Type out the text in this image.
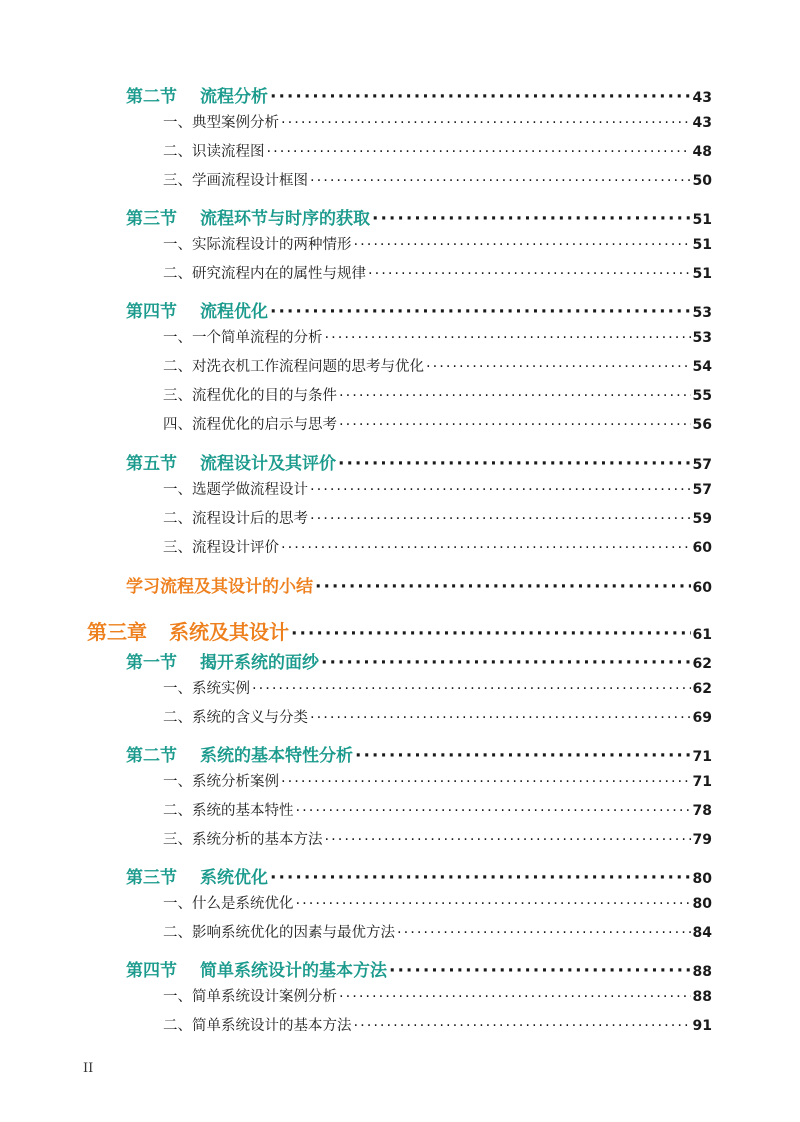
第二节 流程分析 ·····	43
一、典型案例分析 ·····	43
二、识读流程图 ·····	48
三、学画流程设计框图 ·····	50
第三节 流程环节与时序的获取 ·····	51
一、实际流程设计的两种情形 ·····	51
二、研究流程内在的属性与规律 ·····	51
第四节 流程优化 ·····	53
一、一个简单流程的分析 ·····	53
二、对洗衣机工作流程问题的思考与优化 ·····	54
三、流程优化的目的与条件 ·····	55
四、流程优化的启示与思考 ·····	56
第五节 流程设计及其评价 ·····	57
一、选题学做流程设计 ·····	57
二、流程设计后的思考 ·····	59
三、流程设计评价 ·····	60
学习流程及其设计的小结 ·····	60
第三章 系统及其设计 ·····	61
第一节 揭开系统的面纱 ·····	62
一、系统实例 ·····	62
二、系统的含义与分类 ·····	69
第二节 系统的基本特性分析 ·····	71
一、系统分析案例 ·····	71
二、系统的基本特性 ·····	78
三、系统分析的基本方法 ·····	79
第三节 系统优化 ·····	80
一、什么是系统优化 ·····	80
二、影响系统优化的因素与最优方法 ·····	84
第四节 简单系统设计的基本方法 ·····	88
一、简单系统设计案例分析 ·····	88
二、简单系统设计的基本方法 ·····	91
II
